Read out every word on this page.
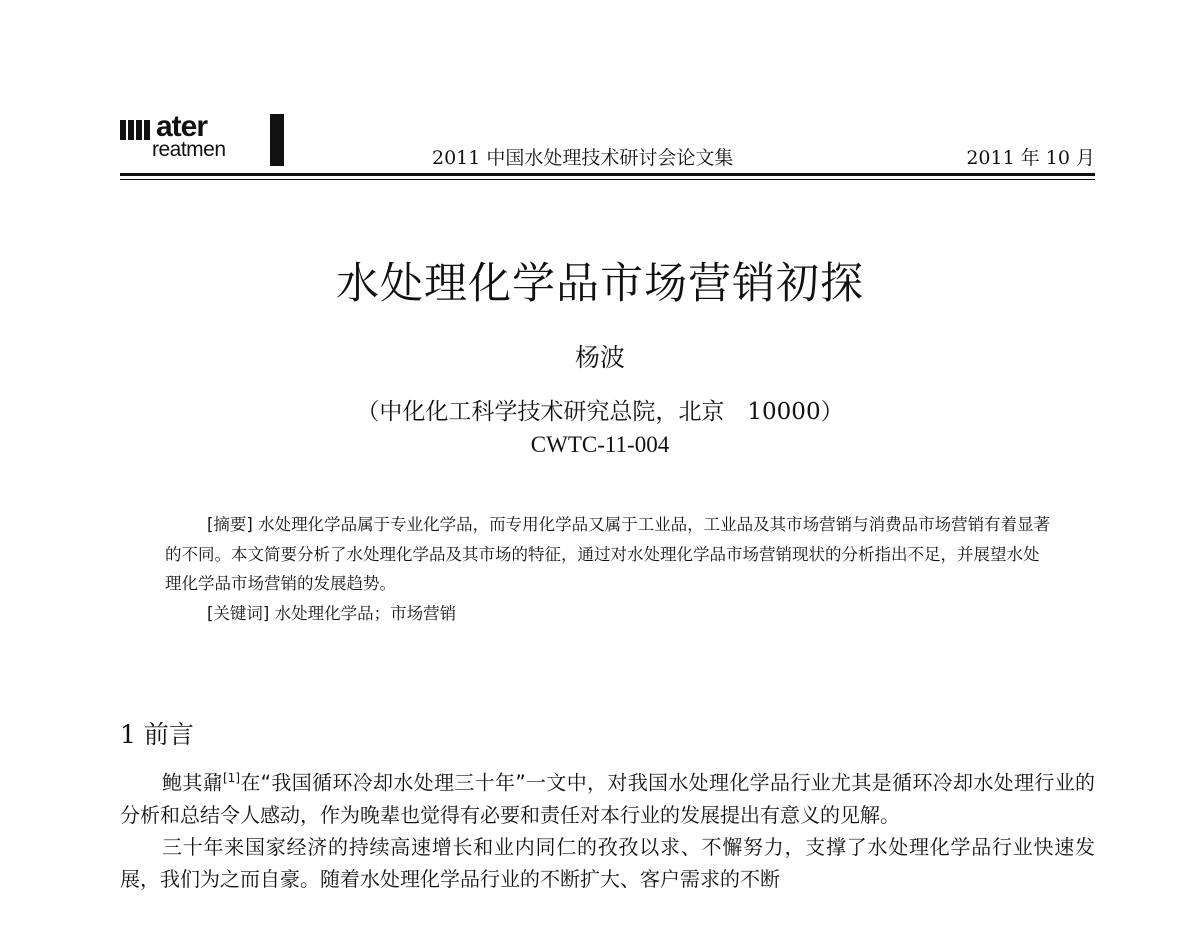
ater
reatmen	2011 中国水处理技术研讨会论文集	2011 年 10 月
水处理化学品市场营销初探
杨波
（中化化工科学技术研究总院，北京　10000）
CWTC-11-004

[摘要] 水处理化学品属于专业化学品，而专用化学品又属于工业品，工业品及其市场营销与消费品市场营销有着显著的不同。本文简要分析了水处理化学品及其市场的特征，通过对水处理化学品市场营销现状的分析指出不足，并展望水处理化学品市场营销的发展趋势。

[关键词] 水处理化学品；市场营销

1 前言

鲍其鼐[1]在“我国循环冷却水处理三十年”一文中，对我国水处理化学品行业尤其是循环冷却水处理行业的分析和总结令人感动，作为晚辈也觉得有必要和责任对本行业的发展提出有意义的见解。

三十年来国家经济的持续高速增长和业内同仁的孜孜以求、不懈努力，支撑了水处理化学品行业快速发展，我们为之而自豪。随着水处理化学品行业的不断扩大、客户需求的不断
